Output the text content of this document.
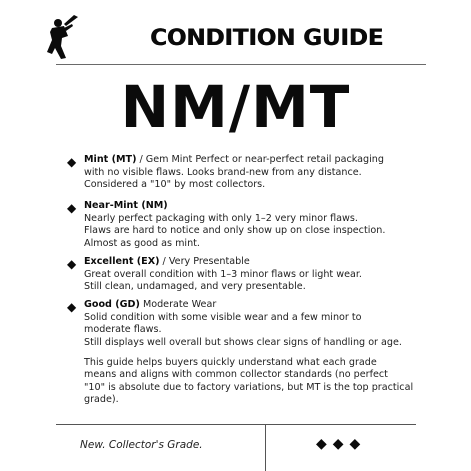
CONDITION GUIDE
NM/MT
◆ Mint (MT) / Gem Mint Perfect or near-perfect retail packaging
with no visible flaws. Looks brand-new from any distance.
Considered a "10" by most collectors.
◆ Near-Mint (NM)
Nearly perfect packaging with only 1–2 very minor flaws.
Flaws are hard to notice and only show up on close inspection.
Almost as good as mint.
◆ Excellent (EX) / Very Presentable
Great overall condition with 1–3 minor flaws or light wear.
Still clean, undamaged, and very presentable.
◆ Good (GD) Moderate Wear
Solid condition with some visible wear and a few minor to
moderate flaws.
Still displays well overall but shows clear signs of handling or age.
This guide helps buyers quickly understand what each grade
means and aligns with common collector standards (no perfect
"10" is absolute due to factory variations, but MT is the top practical
grade).
New. Collector's Grade.	◆◆◆
